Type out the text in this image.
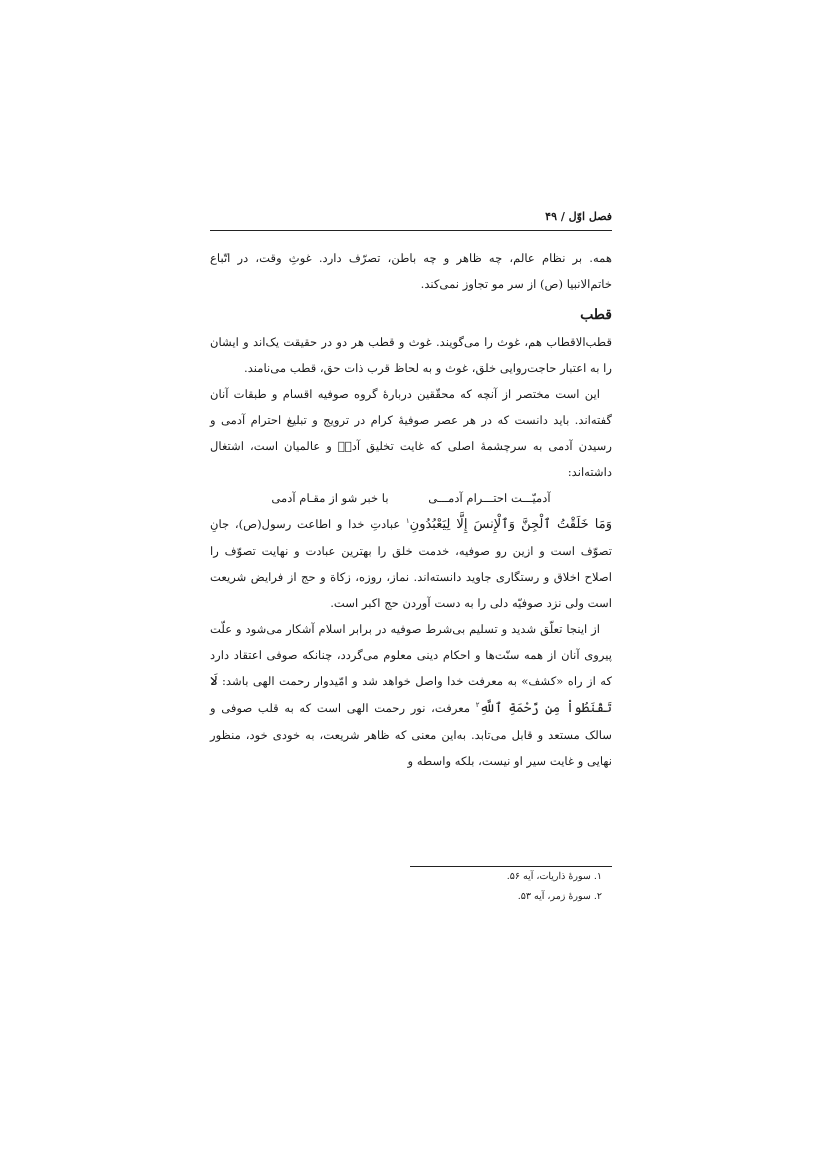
فصل اوّل / ۴۹

همه. بر نظام عالم، چه ظاهر و چه باطن، تصرّف دارد. غوثِ وقت، در اتّباع خاتم‌الانبیا (ص) از سر مو تجاوز نمی‌کند.

قطب

قطب‌الاقطاب هم، غوث را می‌گویند. غوث و قطب هر دو در حقیقت یک‌اند و ایشان را به اعتبار حاجت‌روایی خلق، غوث و به لحاظ قرب ذات حق، قطب می‌نامند.

این است مختصر از آنچه که محقّقین دربارهٔ گروه صوفیه اقسام و طبقات آنان گفته‌اند. باید دانست که در هر عصر صوفیهٔ کرام در ترویج و تبلیغ احترام آدمی و رسیدن آدمی به سرچشمهٔ اصلی که غایت تخلیق آدمؑ و عالمیان است، اشتغال داشته‌اند:

آدمیّـــت احتـــرام آدمـــی با خبر شو از مقـام آدمی

وَمَا خَلَقْتُ ٱلْجِنَّ وَٱلْإِنسَ إِلَّا لِيَعْبُدُونِ$^۱$ عبادتِ خدا و اطاعت رسول(ص)، جانِ تصوّف است و ازین رو صوفیه، خدمت خلق را بهترین عبادت و نهایت تصوّف را اصلاح اخلاق و رستگاری جاوید دانسته‌اند. نماز، روزه، زکاة و حج از فرایض شریعت است ولی نزد صوفیّه دلی را به دست آوردن حج اکبر است.

از اینجا تعلّق شدید و تسلیم بی‌شرط صوفیه در برابر اسلام آشکار می‌شود و علّت پیروی آنان از همه سنّت‌ها و احکام دینی معلوم می‌گردد، چنانکه صوفی اعتقاد دارد که از راه «کشف» به معرفت خدا واصل خواهد شد و امّیدوار رحمت الهی باشد: لَا تَقْنَطُواْ مِن رَّحْمَةِ ٱللَّهِ$^۲$ معرفت، نور رحمت الهی است که به قلب صوفی و سالک مستعد و قابل می‌تابد. به‌این معنی که ظاهر شریعت، به خودی خود، منظور نهایی و غایت سیر او نیست، بلکه واسطه و

۱. سورهٔ ذاریات، آیه ۵۶.
۲. سورهٔ زمر، آیه ۵۳.
